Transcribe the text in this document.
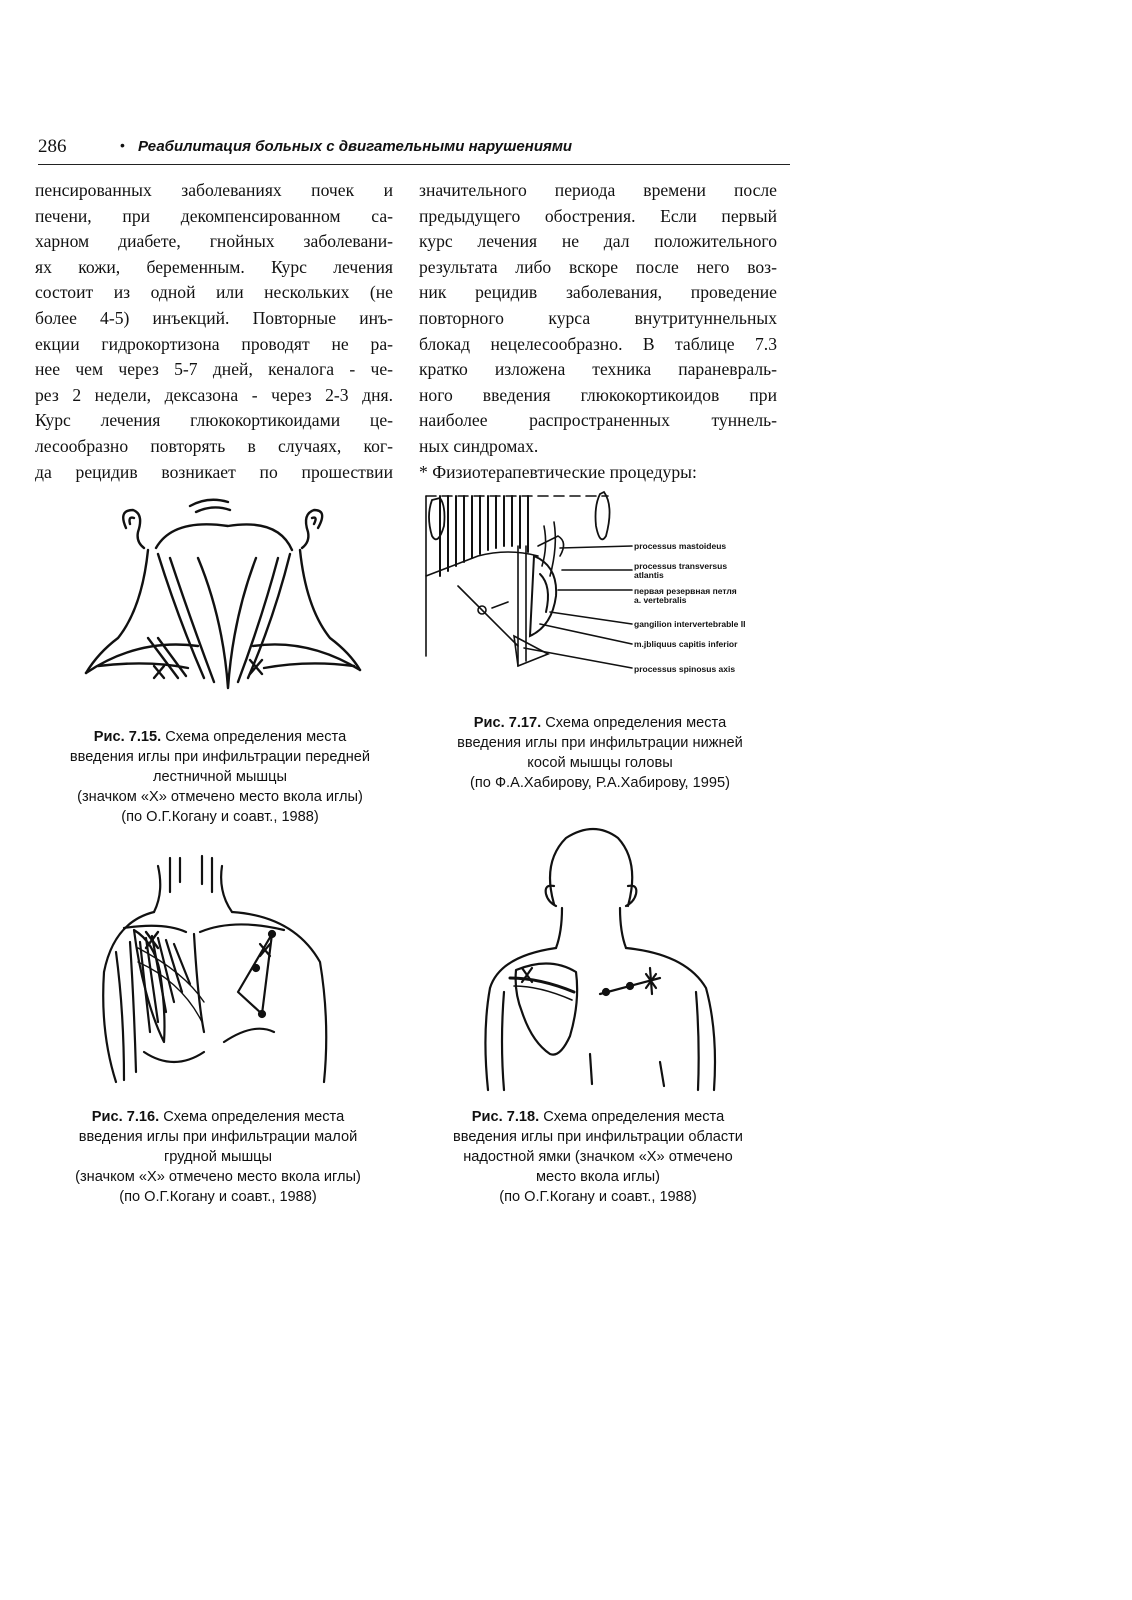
286	• Реабилитация больных с двигательными нарушениями
пенсированных заболеваниях почек и
печени, при декомпенсированном са-
харном диабете, гнойных заболевани-
ях кожи, беременным. Курс лечения
состоит из одной или нескольких (не
более 4-5) инъекций. Повторные инъ-
екции гидрокортизона проводят не ра-
нее чем через 5-7 дней, кеналога - че-
рез 2 недели, дексазона - через 2-3 дня.
Курс лечения глюкокортикоидами це-
лесообразно повторять в случаях, ког-
да рецидив возникает по прошествии
значительного периода времени после
предыдущего обострения. Если первый
курс лечения не дал положительного
результата либо вскоре после него воз-
ник рецидив заболевания, проведение
повторного курса внутритуннельных
блокад нецелесообразно. В таблице 7.3
кратко изложена техника параневраль-
ного введения глюкокортикоидов при
наиболее распространенных туннель-
ных синдромах.
* Физиотерапевтические процедуры:
Рис. 7.15. Схема определения места
введения иглы при инфильтрации передней
лестничной мышцы
(значком «Х» отмечено место вкола иглы)
(по О.Г.Когану и соавт., 1988)
processus mastoideus
processus transversus
atlantis
первая резервная петля
a. vertebralis
gangilion intervertebrable II
m.jbliquus capitis inferior
processus spinosus axis
Рис. 7.17. Схема определения места
введения иглы при инфильтрации нижней
косой мышцы головы
(по Ф.А.Хабирову, Р.А.Хабирову, 1995)
Рис. 7.16. Схема определения места
введения иглы при инфильтрации малой
грудной мышцы
(значком «Х» отмечено место вкола иглы)
(по О.Г.Когану и соавт., 1988)
Рис. 7.18. Схема определения места
введения иглы при инфильтрации области
надостной ямки (значком «Х» отмечено
место вкола иглы)
(по О.Г.Когану и соавт., 1988)
